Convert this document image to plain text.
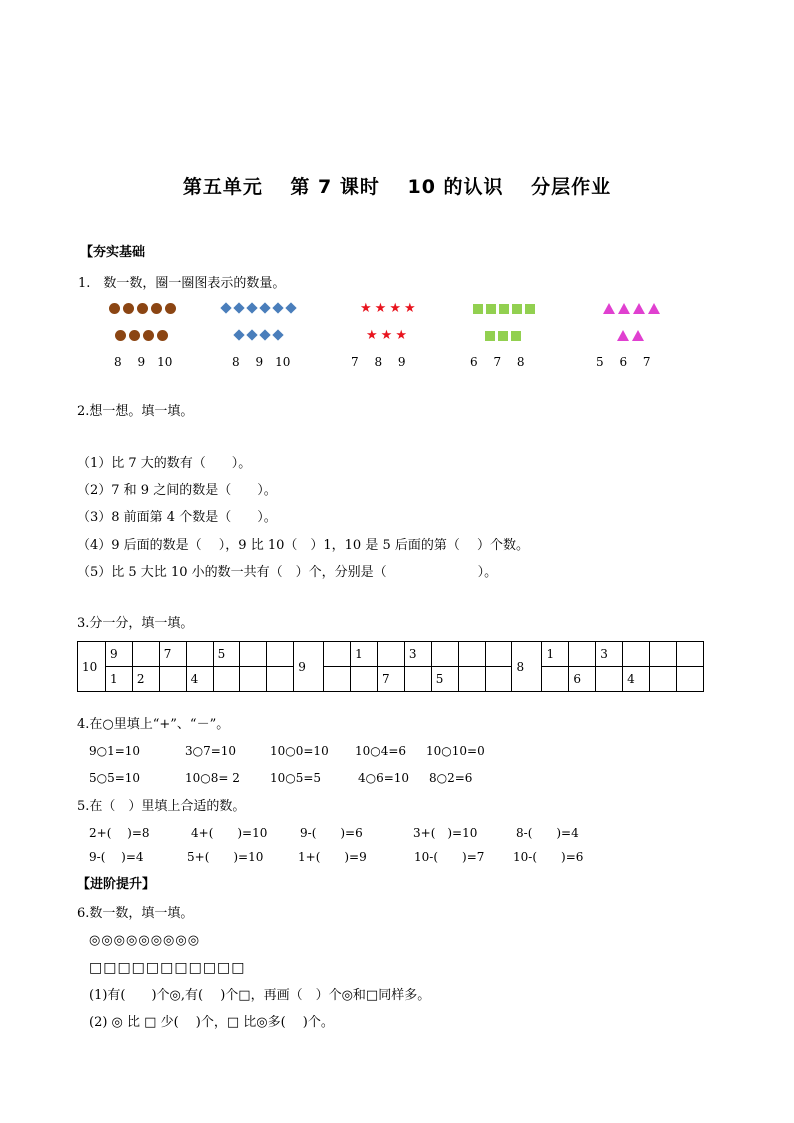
第五单元　 第 7 课时　 10 的认识　 分层作业
【夯实基础
1.　数一数，圈一圈图表示的数量。
8　 9　10	8　 9　10
★ ★ ★ ★
★ ★ ★
7　 8　 9	6　 7　 8	5　 6　 7
2.想一想。填一填。
（1）比 7 大的数有（　　）。
（2）7 和 9 之间的数是（　　）。
（3）8 前面第 4 个数是（　　）。
（4）9 后面的数是（　 ），9 比 10（　）1，10 是 5 后面的第（　 ）个数。
（5）比 5 大比 10 小的数一共有（　）个，分别是（　　　　　　　）。
3.分一分，填一填。
10	9		7		5			9		1		3				8	1		3			
	1	2		4							7		5					6		4		
4.在○里填上“+”、“－”。
9○1=10	3○7=10	10○0=10 10○4=6 10○10=0
5○5=10	10○8= 2	10○5=5	4○6=10 8○2=6
5.在（　）里填上合适的数。
2+(　 )=8	4+(　　)=10	9-(　　)=6	3+(　)=10	8-(　　)=4
9-(　 )=4	5+(　　)=10	1+(　　)=9	10-(　　)=7 10-(　　)=6
【进阶提升】
6.数一数，填一填。
◎◎◎◎◎◎◎◎◎
□□□□□□□□□□□
(1)有(　　)个◎,有(　 )个□，再画（　）个◎和□同样多。
(2) ◎ 比 □ 少(　 )个，□ 比◎多(　 )个。
